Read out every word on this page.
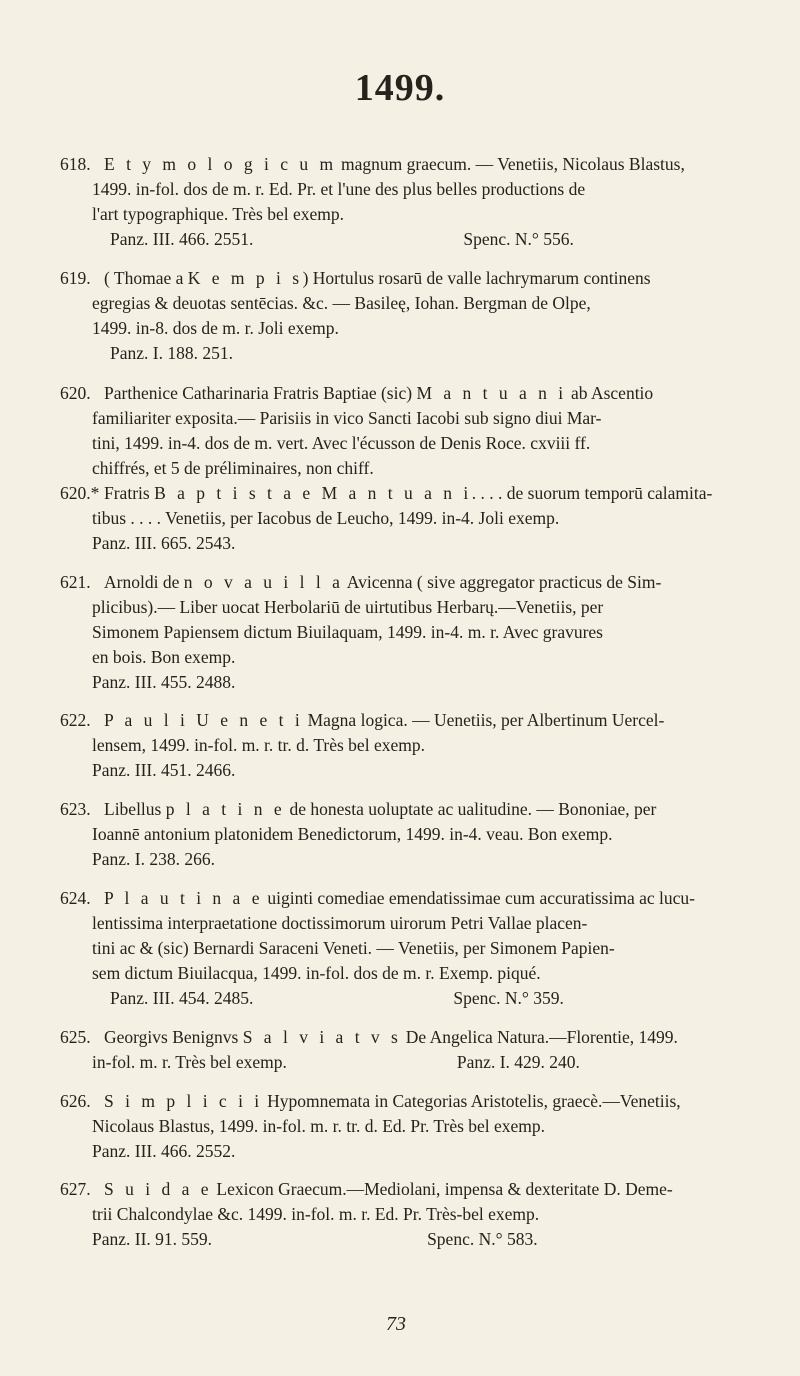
1499.

618. E t y m o l o g i c u m magnum graecum. — Venetiis, Nicolaus Blastus,

1499. in-fol. dos de m. r. Ed. Pr. et l'une des plus belles productions de

l'art typographique. Très bel exemp.

Panz. III. 466. 2551.	Spenc. N.° 556.

619. ( Thomae a K e m p i s) Hortulus rosarū de valle lachrymarum continens

egregias & deuotas sentēcias. &c. — Basileę, Iohan. Bergman de Olpe,

1499. in-8. dos de m. r. Joli exemp.

Panz. I. 188. 251.

620. Parthenice Catharinaria Fratris Baptiae (sic) M a n t u a n i ab Ascentio

familiariter exposita.— Parisiis in vico Sancti Iacobi sub signo diui Mar-

tini, 1499. in-4. dos de m. vert. Avec l'écusson de Denis Roce. cxviii ff.

chiffrés, et 5 de préliminaires, non chiff.

620.* Fratris B a p t i s t a e M a n t u a n i. . . . de suorum temporū calamita-

tibus . . . . Venetiis, per Iacobus de Leucho, 1499. in-4. Joli exemp.

Panz. III. 665. 2543.

621. Arnoldi de n o v a u i l l a Avicenna ( sive aggregator practicus de Sim-

plicibus).— Liber uocat Herbolariū de uirtutibus Herbarų.—Venetiis, per

Simonem Papiensem dictum Biuilaquam, 1499. in-4. m. r. Avec gravures

en bois. Bon exemp.

Panz. III. 455. 2488.

622. P a u l i U e n e t i Magna logica. — Uenetiis, per Albertinum Uercel-

lensem, 1499. in-fol. m. r. tr. d. Très bel exemp.

Panz. III. 451. 2466.

623. Libellus p l a t i n e de honesta uoluptate ac ualitudine. — Bononiae, per

Ioannē antonium platonidem Benedictorum, 1499. in-4. veau. Bon exemp.

Panz. I. 238. 266.

624. P l a u t i n a e uiginti comediae emendatissimae cum accuratissima ac lucu-

lentissima interpraetatione doctissimorum uirorum Petri Vallae placen-

tini ac & (sic) Bernardi Saraceni Veneti. — Venetiis, per Simonem Papien-

sem dictum Biuilacqua, 1499. in-fol. dos de m. r. Exemp. piqué.

Panz. III. 454. 2485.	Spenc. N.° 359.

625. Georgivs Benignvs S a l v i a t v s De Angelica Natura.—Florentie, 1499.

in-fol. m. r. Très bel exemp.	Panz. I. 429. 240.

626. S i m p l i c i i Hypomnemata in Categorias Aristotelis, graecè.—Venetiis,

Nicolaus Blastus, 1499. in-fol. m. r. tr. d. Ed. Pr. Très bel exemp.

Panz. III. 466. 2552.

627. S u i d a e Lexicon Graecum.—Mediolani, impensa & dexteritate D. Deme-

trii Chalcondylae &c. 1499. in-fol. m. r. Ed. Pr. Très-bel exemp.

Panz. II. 91. 559.	Spenc. N.° 583.

73
